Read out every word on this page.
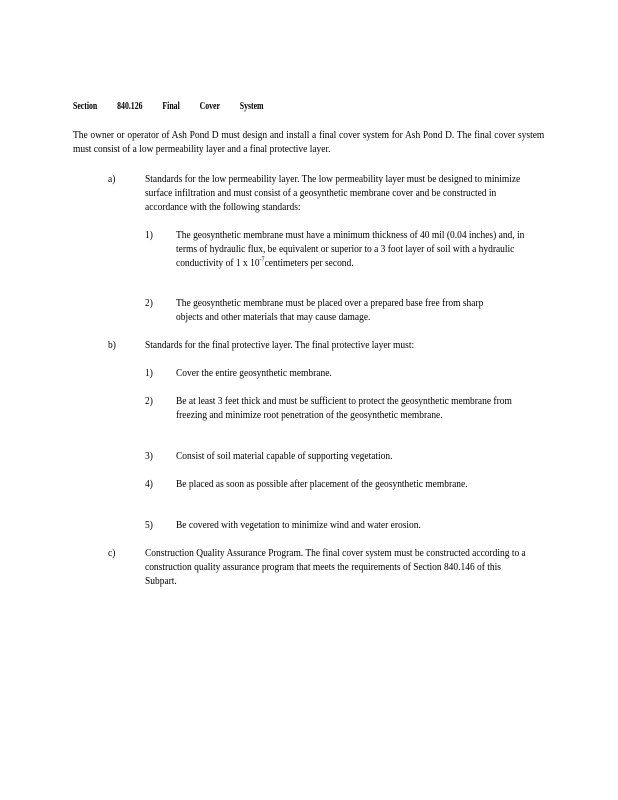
Section   840.126   Final   Cover   System
The owner or operator of Ash Pond D must design and install a final cover system for Ash Pond D. The final cover system must consist of a low permeability layer and a final protective layer.
a)	Standards for the low permeability layer. The low permeability layer must be designed to minimize surface infiltration and must consist of a geosynthetic membrane cover and be constructed in accordance with the following standards:
1) The geosynthetic membrane must have a minimum thickness of 40 mil (0.04 inches) and, in terms of hydraulic flux, be equivalent or superior to a 3 foot layer of soil with a hydraulic conductivity of 1 x $10^{-7}centimeters$ per second.
2) The geosynthetic membrane must be placed over a prepared base free from sharp objects and other materials that may cause damage.
b)	Standards for the final protective layer. The final protective layer must:
1) Cover the entire geosynthetic membrane.
2) Be at least 3 feet thick and must be sufficient to protect the geosynthetic membrane from freezing and minimize root penetration of the geosynthetic membrane.
3) Consist of soil material capable of supporting vegetation.
4) Be placed as soon as possible after placement of the geosynthetic membrane.
5) Be covered with vegetation to minimize wind and water erosion.
c)	Construction Quality Assurance Program. The final cover system must be constructed according to a construction quality assurance program that meets the requirements of Section 840.146 of this Subpart.
